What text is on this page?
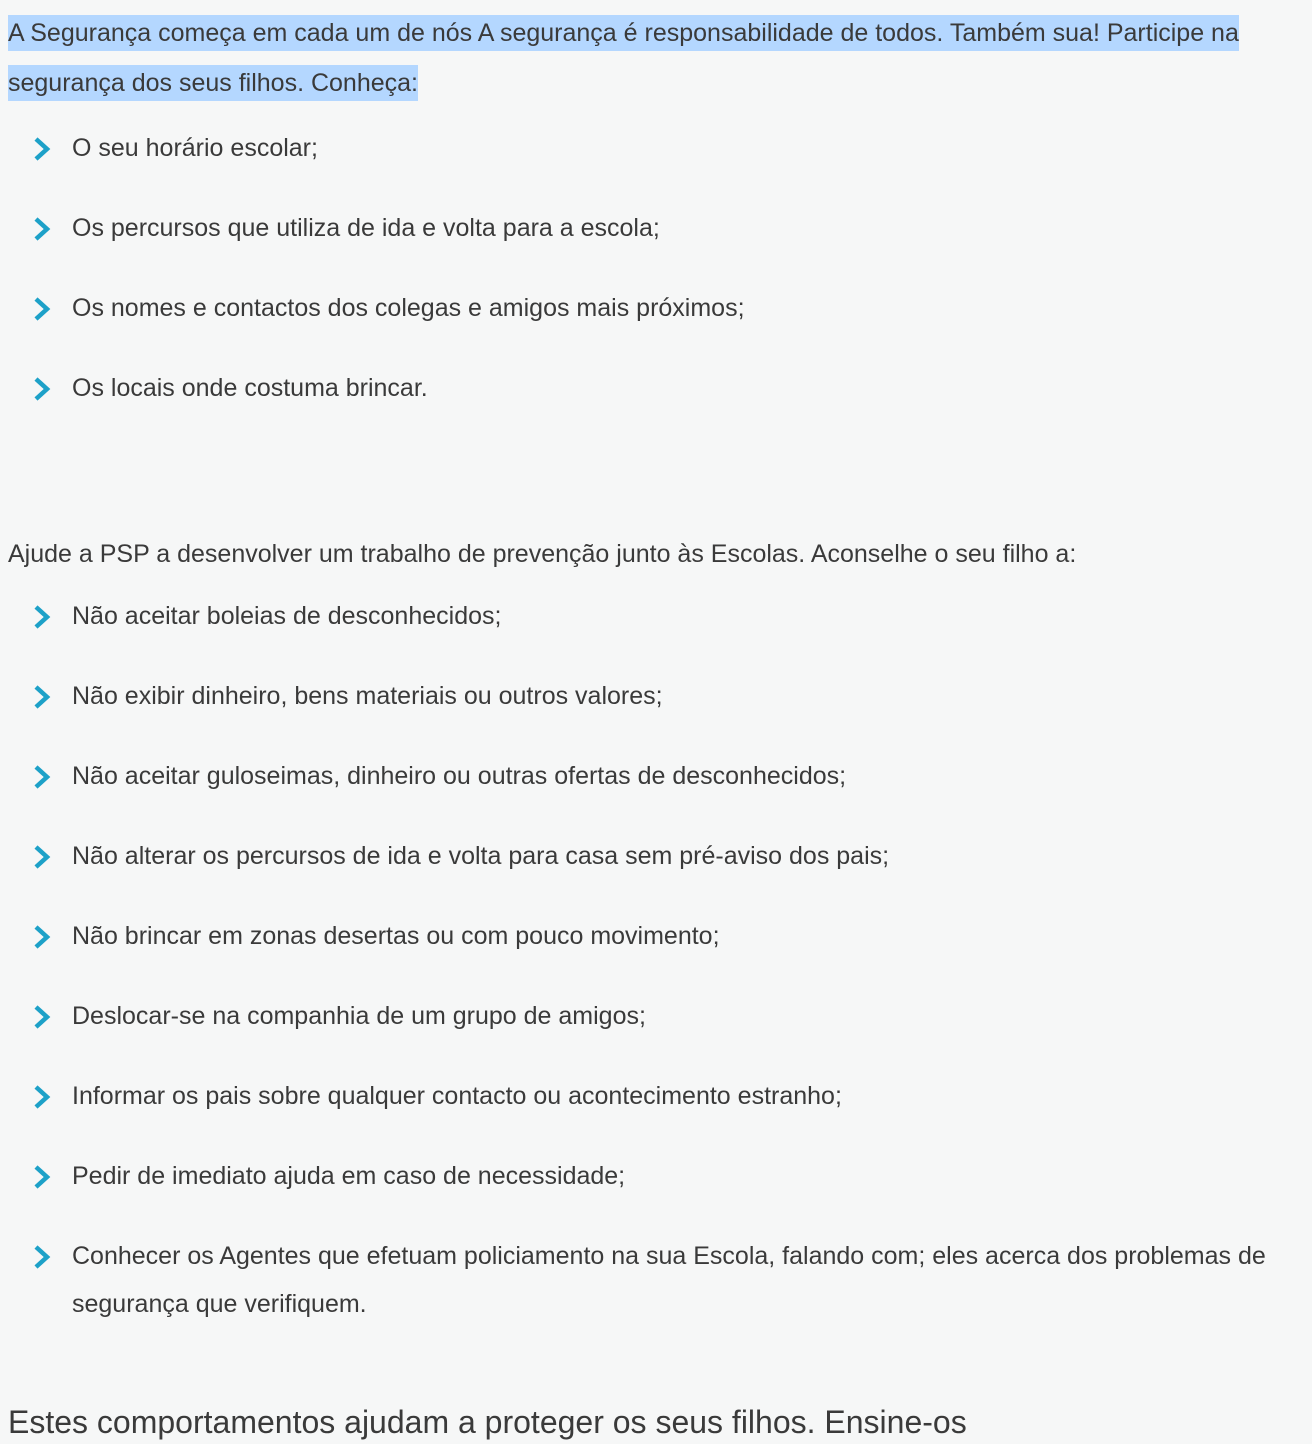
A Segurança começa em cada um de nós A segurança é responsabilidade de todos. Também sua! Participe na segurança dos seus filhos. Conheça:

O seu horário escolar;
Os percursos que utiliza de ida e volta para a escola;
Os nomes e contactos dos colegas e amigos mais próximos;
Os locais onde costuma brincar.

Ajude a PSP a desenvolver um trabalho de prevenção junto às Escolas. Aconselhe o seu filho a:

Não aceitar boleias de desconhecidos;
Não exibir dinheiro, bens materiais ou outros valores;
Não aceitar guloseimas, dinheiro ou outras ofertas de desconhecidos;
Não alterar os percursos de ida e volta para casa sem pré-aviso dos pais;
Não brincar em zonas desertas ou com pouco movimento;
Deslocar-se na companhia de um grupo de amigos;
Informar os pais sobre qualquer contacto ou acontecimento estranho;
Pedir de imediato ajuda em caso de necessidade;
Conhecer os Agentes que efetuam policiamento na sua Escola, falando com; eles acerca dos problemas de segurança que verifiquem.
Estes comportamentos ajudam a proteger os seus filhos. Ensine-os
